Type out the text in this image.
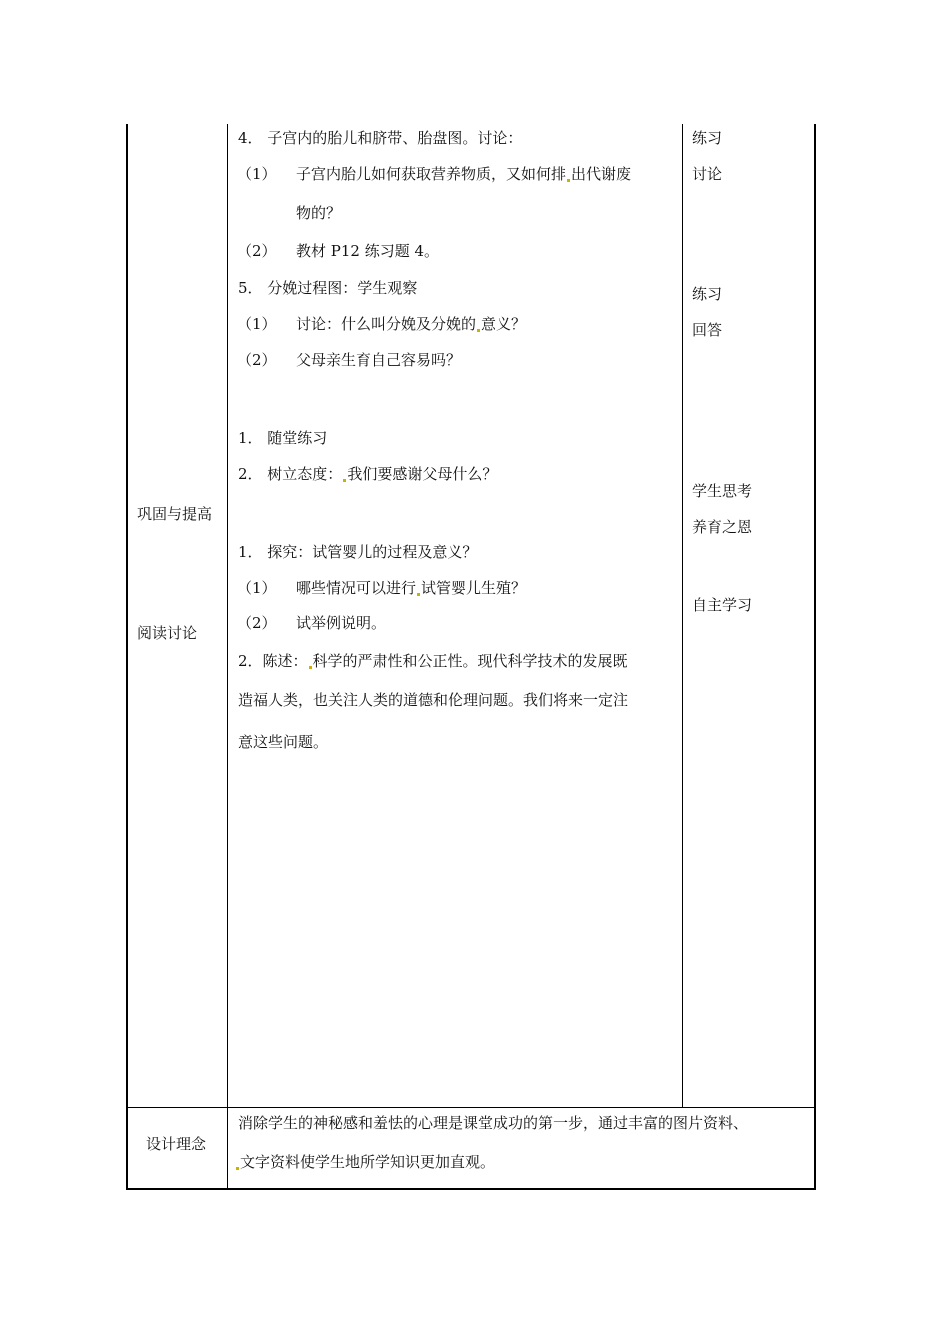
4． 子宫内的胎儿和脐带、胎盘图。讨论：
（1） 子宫内胎儿如何获取营养物质，又如何排 出代谢废
物的？
（2） 教材 P12 练习题 4。
5． 分娩过程图：学生观察
（1） 讨论：什么叫分娩及分娩的 意义？
（2） 父母亲生育自己容易吗？
1． 随堂练习
2． 树立态度： 我们要感谢父母什么？
1． 探究：试管婴儿的过程及意义？
（1） 哪些情况可以进行 试管婴儿生殖？
（2） 试举例说明。
2．陈述： 科学的严肃性和公正性。现代科学技术的发展既
造福人类，也关注人类的道德和伦理问题。我们将来一定注
意这些问题。
巩固与提高
阅读讨论
练习
讨论
练习
回答
学生思考
养育之恩
自主学习
设计理念
消除学生的神秘感和羞怯的心理是课堂成功的第一步，通过丰富的图片资料、
文字资料使学生地所学知识更加直观。
